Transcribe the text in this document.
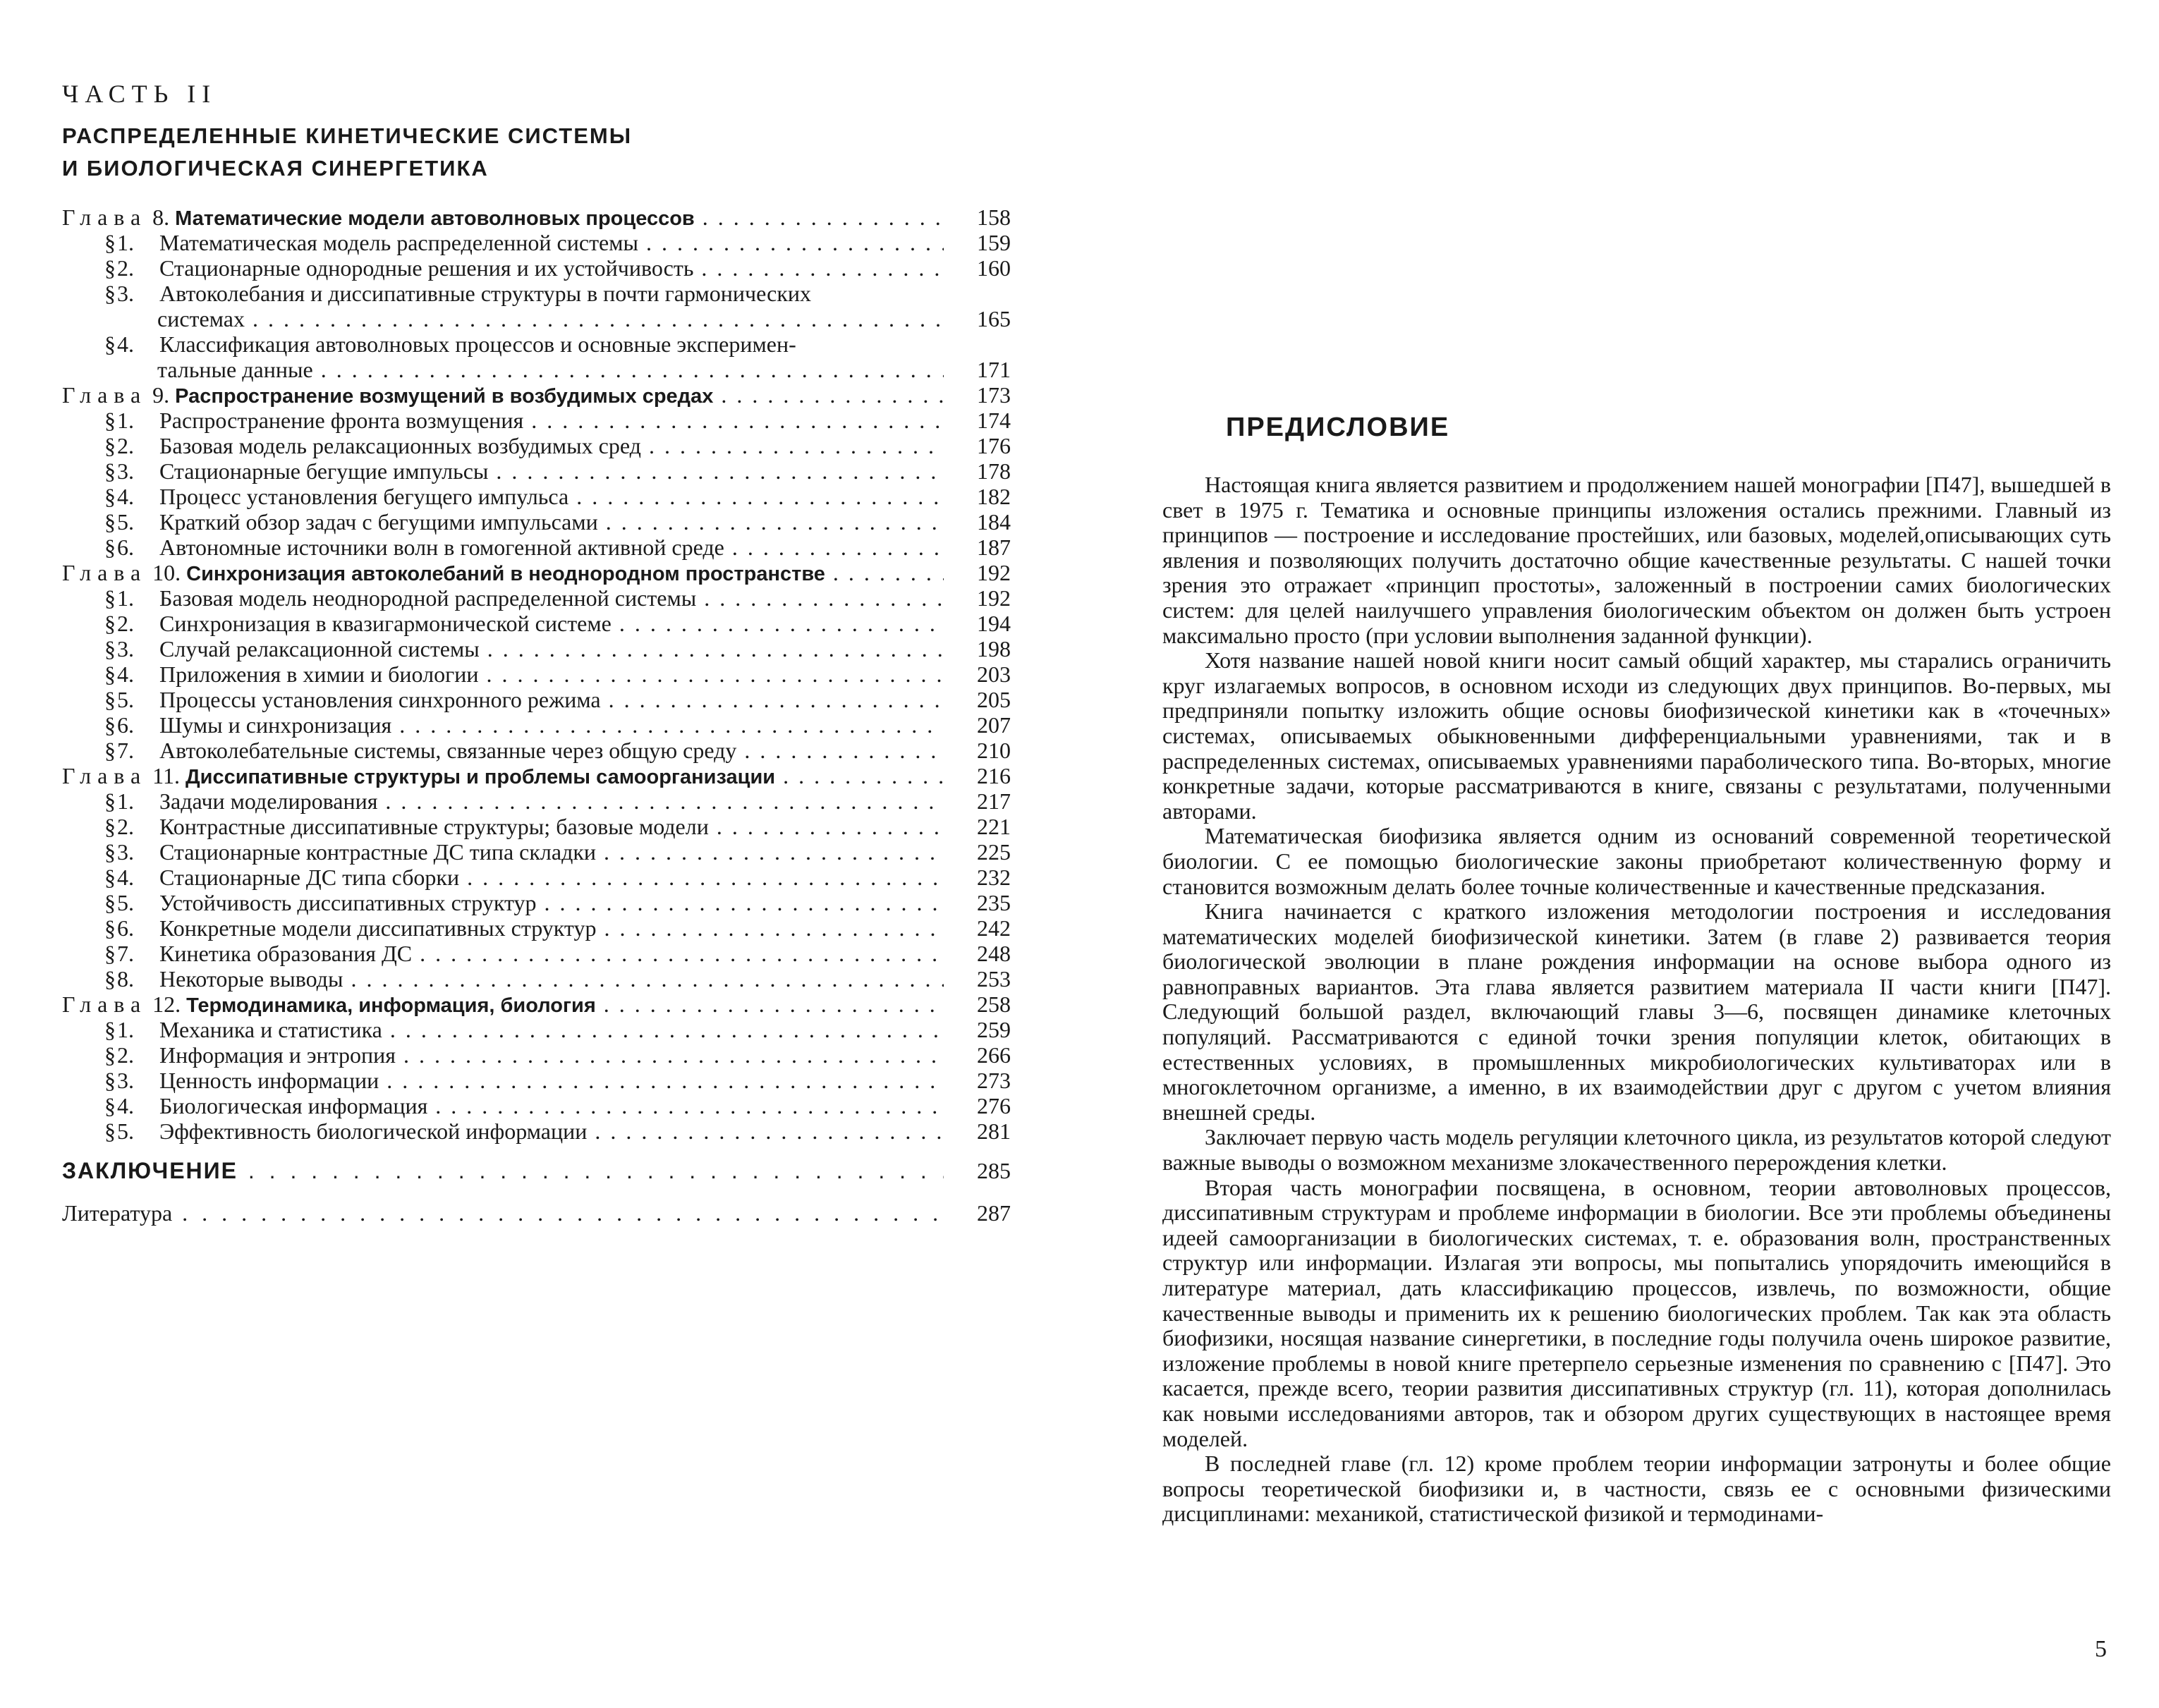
ЧАСТЬ II
РАСПРЕДЕЛЕННЫЕ КИНЕТИЧЕСКИЕ СИСТЕМЫ
И БИОЛОГИЧЕСКАЯ СИНЕРГЕТИКА
Глава 8. Математические модели автоволновых процессов . . .	158
§1. Математическая модель распределенной системы . . .	159
§2. Стационарные однородные решения и их устойчивость . . .	160
§3. Автоколебания и диссипативные структуры в почти гармонических
системах . . .	165
§4. Классификация автоволновых процессов и основные эксперимен-
тальные данные . . .	171
Глава 9. Распространение возмущений в возбудимых средах . . .	173
§1. Распространение фронта возмущения . . .	174
§2. Базовая модель релаксационных возбудимых сред . . .	176
§3. Стационарные бегущие импульсы . . .	178
§4. Процесс установления бегущего импульса . . .	182
§5. Краткий обзор задач с бегущими импульсами . . .	184
§6. Автономные источники волн в гомогенной активной среде . . .	187
Глава 10. Синхронизация автоколебаний в неоднородном пространстве . . .	192
§1. Базовая модель неоднородной распределенной системы . . .	192
§2. Синхронизация в квазигармонической системе . . .	194
§3. Случай релаксационной системы . . .	198
§4. Приложения в химии и биологии . . .	203
§5. Процессы установления синхронного режима . . .	205
§6. Шумы и синхронизация . . .	207
§7. Автоколебательные системы, связанные через общую среду . . .	210
Глава 11. Диссипативные структуры и проблемы самоорганизации . . .	216
§1. Задачи моделирования . . .	217
§2. Контрастные диссипативные структуры; базовые модели . . .	221
§3. Стационарные контрастные ДС типа складки . . .	225
§4. Стационарные ДС типа сборки . . .	232
§5. Устойчивость диссипативных структур . . .	235
§6. Конкретные модели диссипативных структур . . .	242
§7. Кинетика образования ДС . . .	248
§8. Некоторые выводы . . .	253
Глава 12. Термодинамика, информация, биология . . .	258
§1. Механика и статистика . . .	259
§2. Информация и энтропия . . .	266
§3. Ценность информации . . .	273
§4. Биологическая информация . . .	276
§5. Эффективность биологической информации . . .	281
ЗАКЛЮЧЕНИЕ . . .	285
Литература . . .	287
ПРЕДИСЛОВИЕ

Настоящая книга является развитием и продолжением нашей монографии [П47], вышедшей в свет в 1975 г. Тематика и основные принципы изложения остались прежними. Главный из принципов — построение и исследование простейших, или базовых, моделей,описывающих суть явления и позволяющих получить достаточно общие качественные результаты. С нашей точки зрения это отражает «принцип простоты», заложенный в построении самих биологических систем: для целей наилучшего управления биологическим объектом он должен быть устроен максимально просто (при условии выполнения заданной функции).

Хотя название нашей новой книги носит самый общий характер, мы старались ограничить круг излагаемых вопросов, в основном исходи из следующих двух принципов. Во-первых, мы предприняли попытку изложить общие основы биофизической кинетики как в «точечных» системах, описываемых обыкновенными дифференциальными уравнениями, так и в распределенных системах, описываемых уравнениями параболического типа. Во-вторых, многие конкретные задачи, которые рассматриваются в книге, связаны с результатами, полученными авторами.

Математическая биофизика является одним из оснований современной теоретической биологии. С ее помощью биологические законы приобретают количественную форму и становится возможным делать более точные количественные и качественные предсказания.

Книга начинается с краткого изложения методологии построения и исследования математических моделей биофизической кинетики. Затем (в главе 2) развивается теория биологической эволюции в плане рождения информации на основе выбора одного из равноправных вариантов. Эта глава является развитием материала II части книги [П47]. Следующий большой раздел, включающий главы 3—6, посвящен динамике клеточных популяций. Рассматриваются с единой точки зрения популяции клеток, обитающих в естественных условиях, в промышленных микробиологических культиваторах или в многоклеточном организме, а именно, в их взаимодействии друг с другом с учетом влияния внешней среды.

Заключает первую часть модель регуляции клеточного цикла, из результатов которой следуют важные выводы о возможном механизме злокачественного перерождения клетки.

Вторая часть монографии посвящена, в основном, теории автоволновых процессов, диссипативным структурам и проблеме информации в биологии. Все эти проблемы объединены идеей самоорганизации в биологических системах, т. е. образования волн, пространственных структур или информации. Излагая эти вопросы, мы попытались упорядочить имеющийся в литературе материал, дать классификацию процессов, извлечь, по возможности, общие качественные выводы и применить их к решению биологических проблем. Так как эта область биофизики, носящая название синергетики, в последние годы получила очень широкое развитие, изложение проблемы в новой книге претерпело серьезные изменения по сравнению с [П47]. Это касается, прежде всего, теории развития диссипативных структур (гл. 11), которая дополнилась как новыми исследованиями авторов, так и обзором других существующих в настоящее время моделей.

В последней главе (гл. 12) кроме проблем теории информации затронуты и более общие вопросы теоретической биофизики и, в частности, связь ее с основными физическими дисциплинами: механикой, статистической физикой и термодинами-

5
